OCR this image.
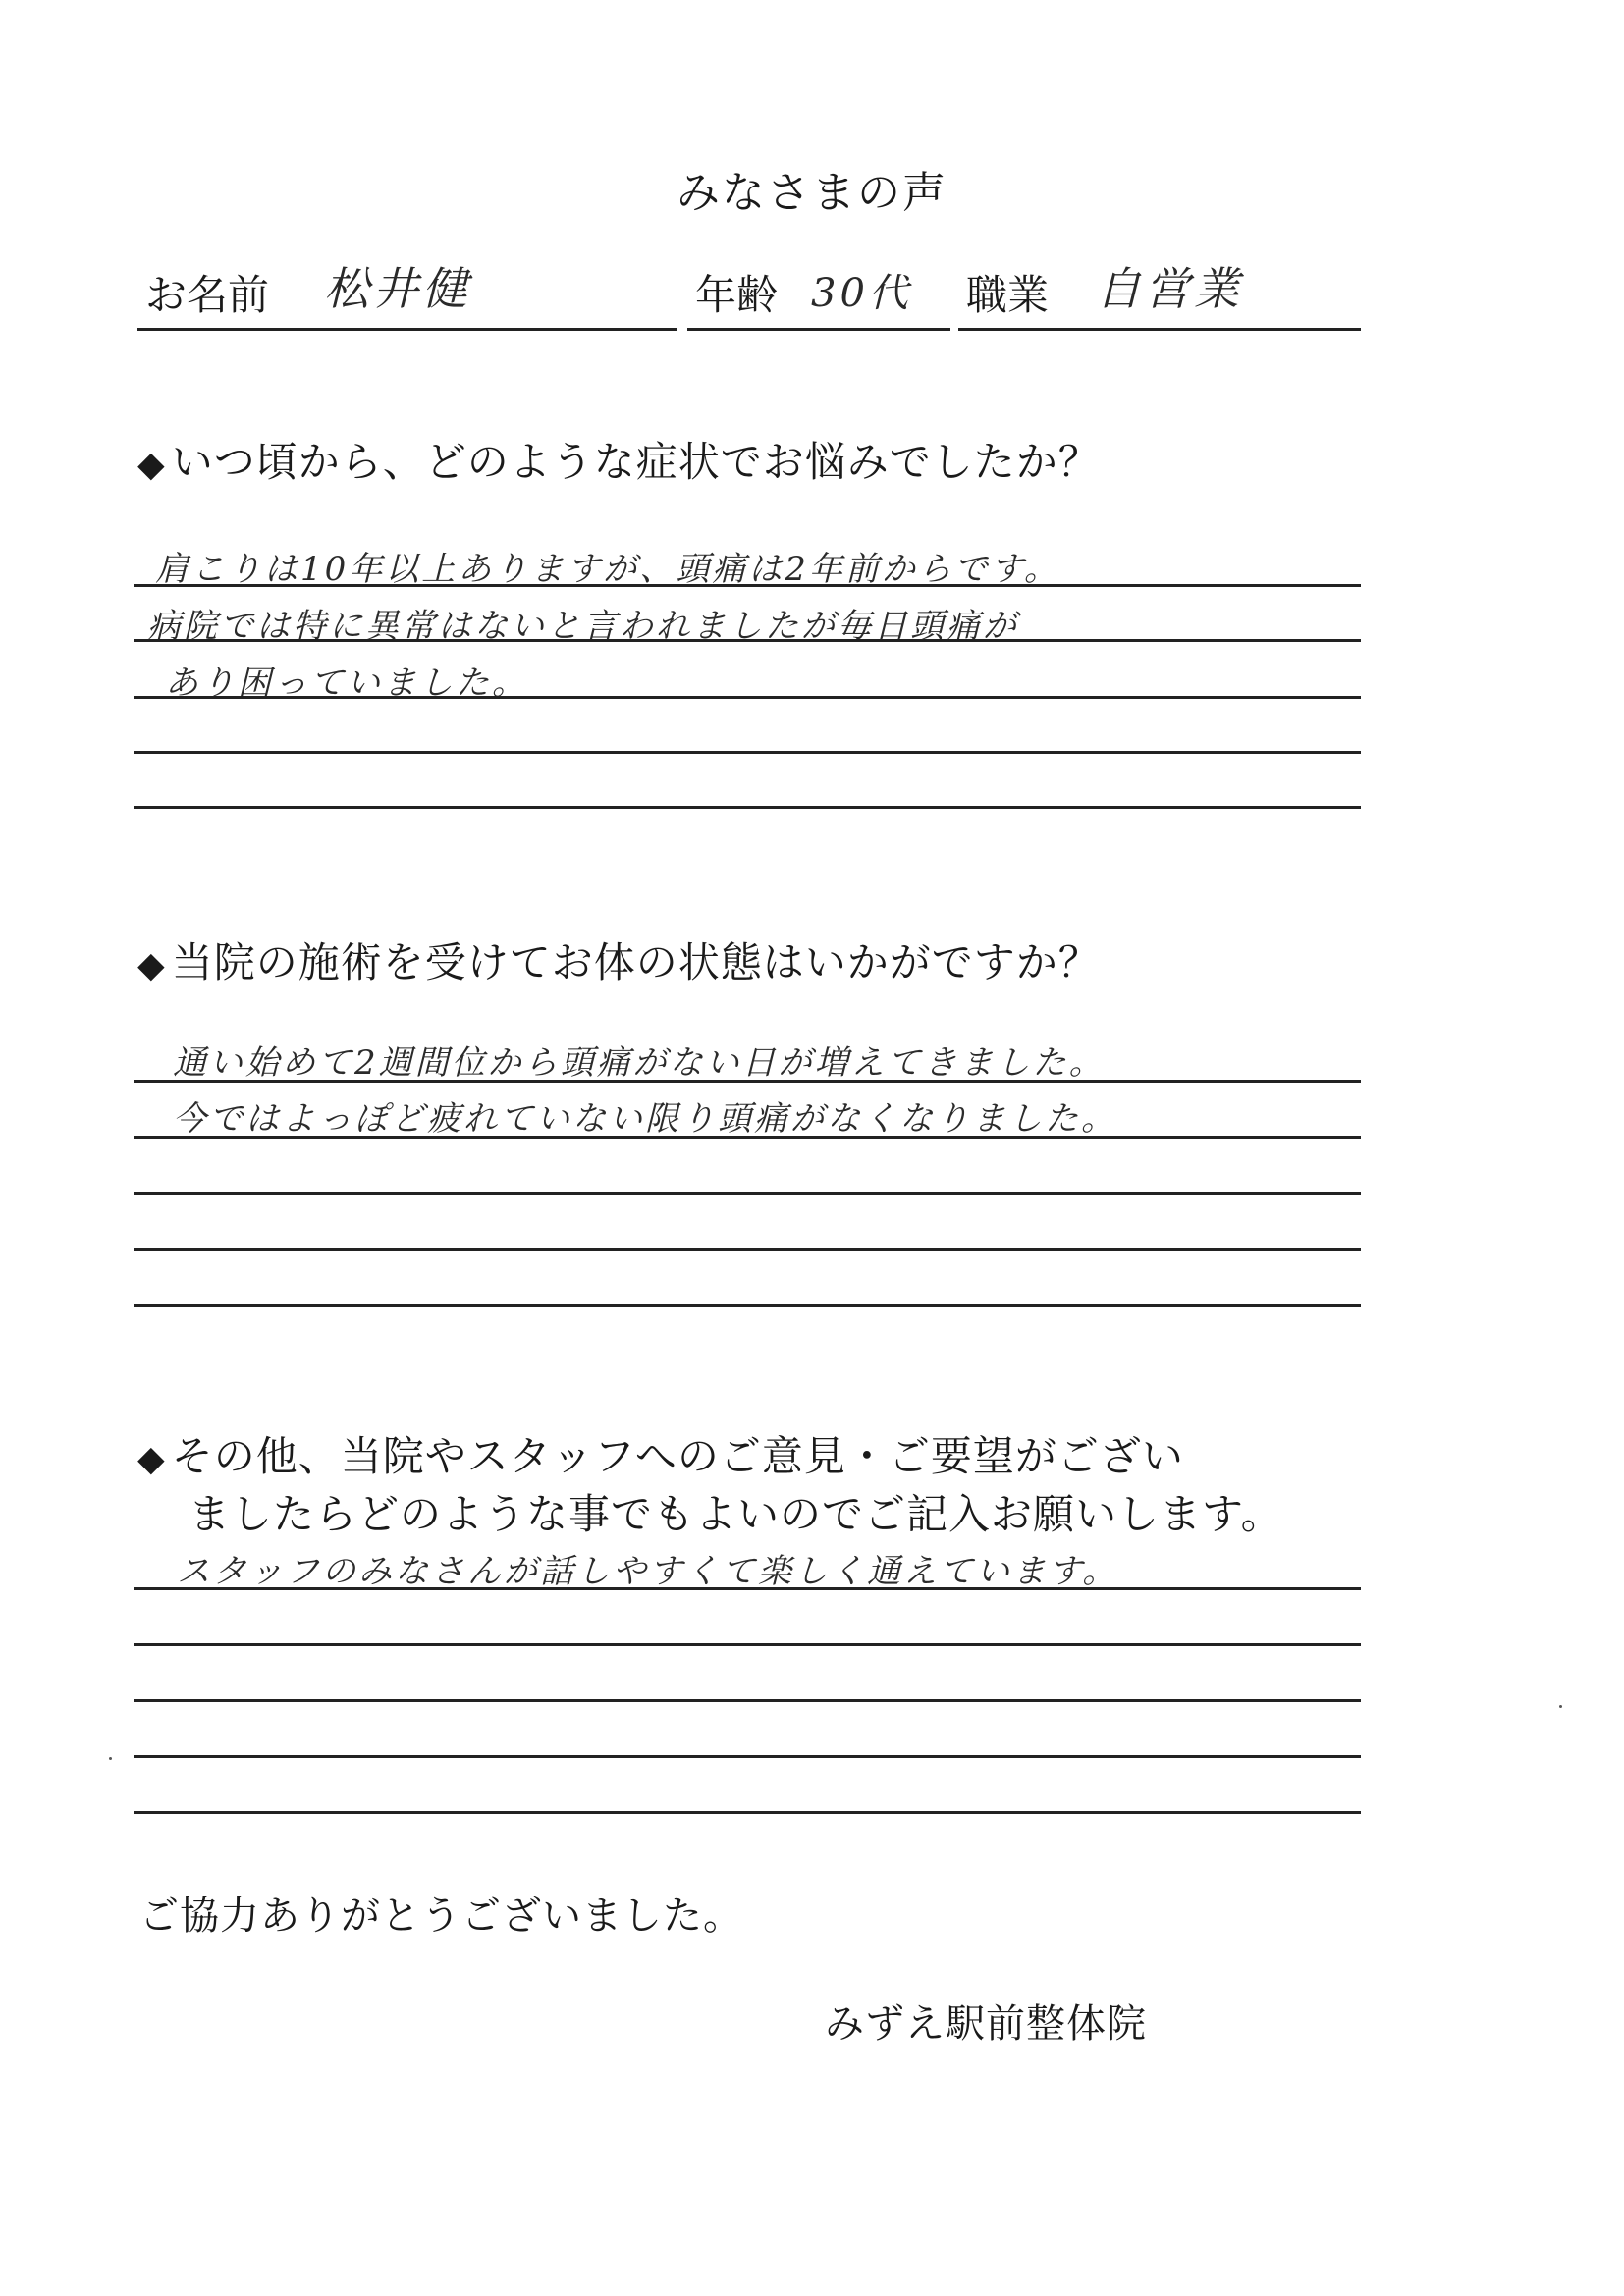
みなさまの声
お名前 松井健	年齢 30代 職業 自営業
◆ いつ頃から、どのような症状でお悩みでしたか？
肩こりは10年以上ありますが、頭痛は2年前からです。
病院では特に異常はないと言われましたが毎日頭痛が
あり困っていました。
◆ 当院の施術を受けてお体の状態はいかがですか？
通い始めて2週間位から頭痛がない日が増えてきました。
今ではよっぽど疲れていない限り頭痛がなくなりました。
◆ その他、当院やスタッフへのご意見・ご要望がござい
ましたらどのような事でもよいのでご記入お願いします。
スタッフのみなさんが話しやすくて楽しく通えています。
ご協力ありがとうございました。
みずえ駅前整体院
